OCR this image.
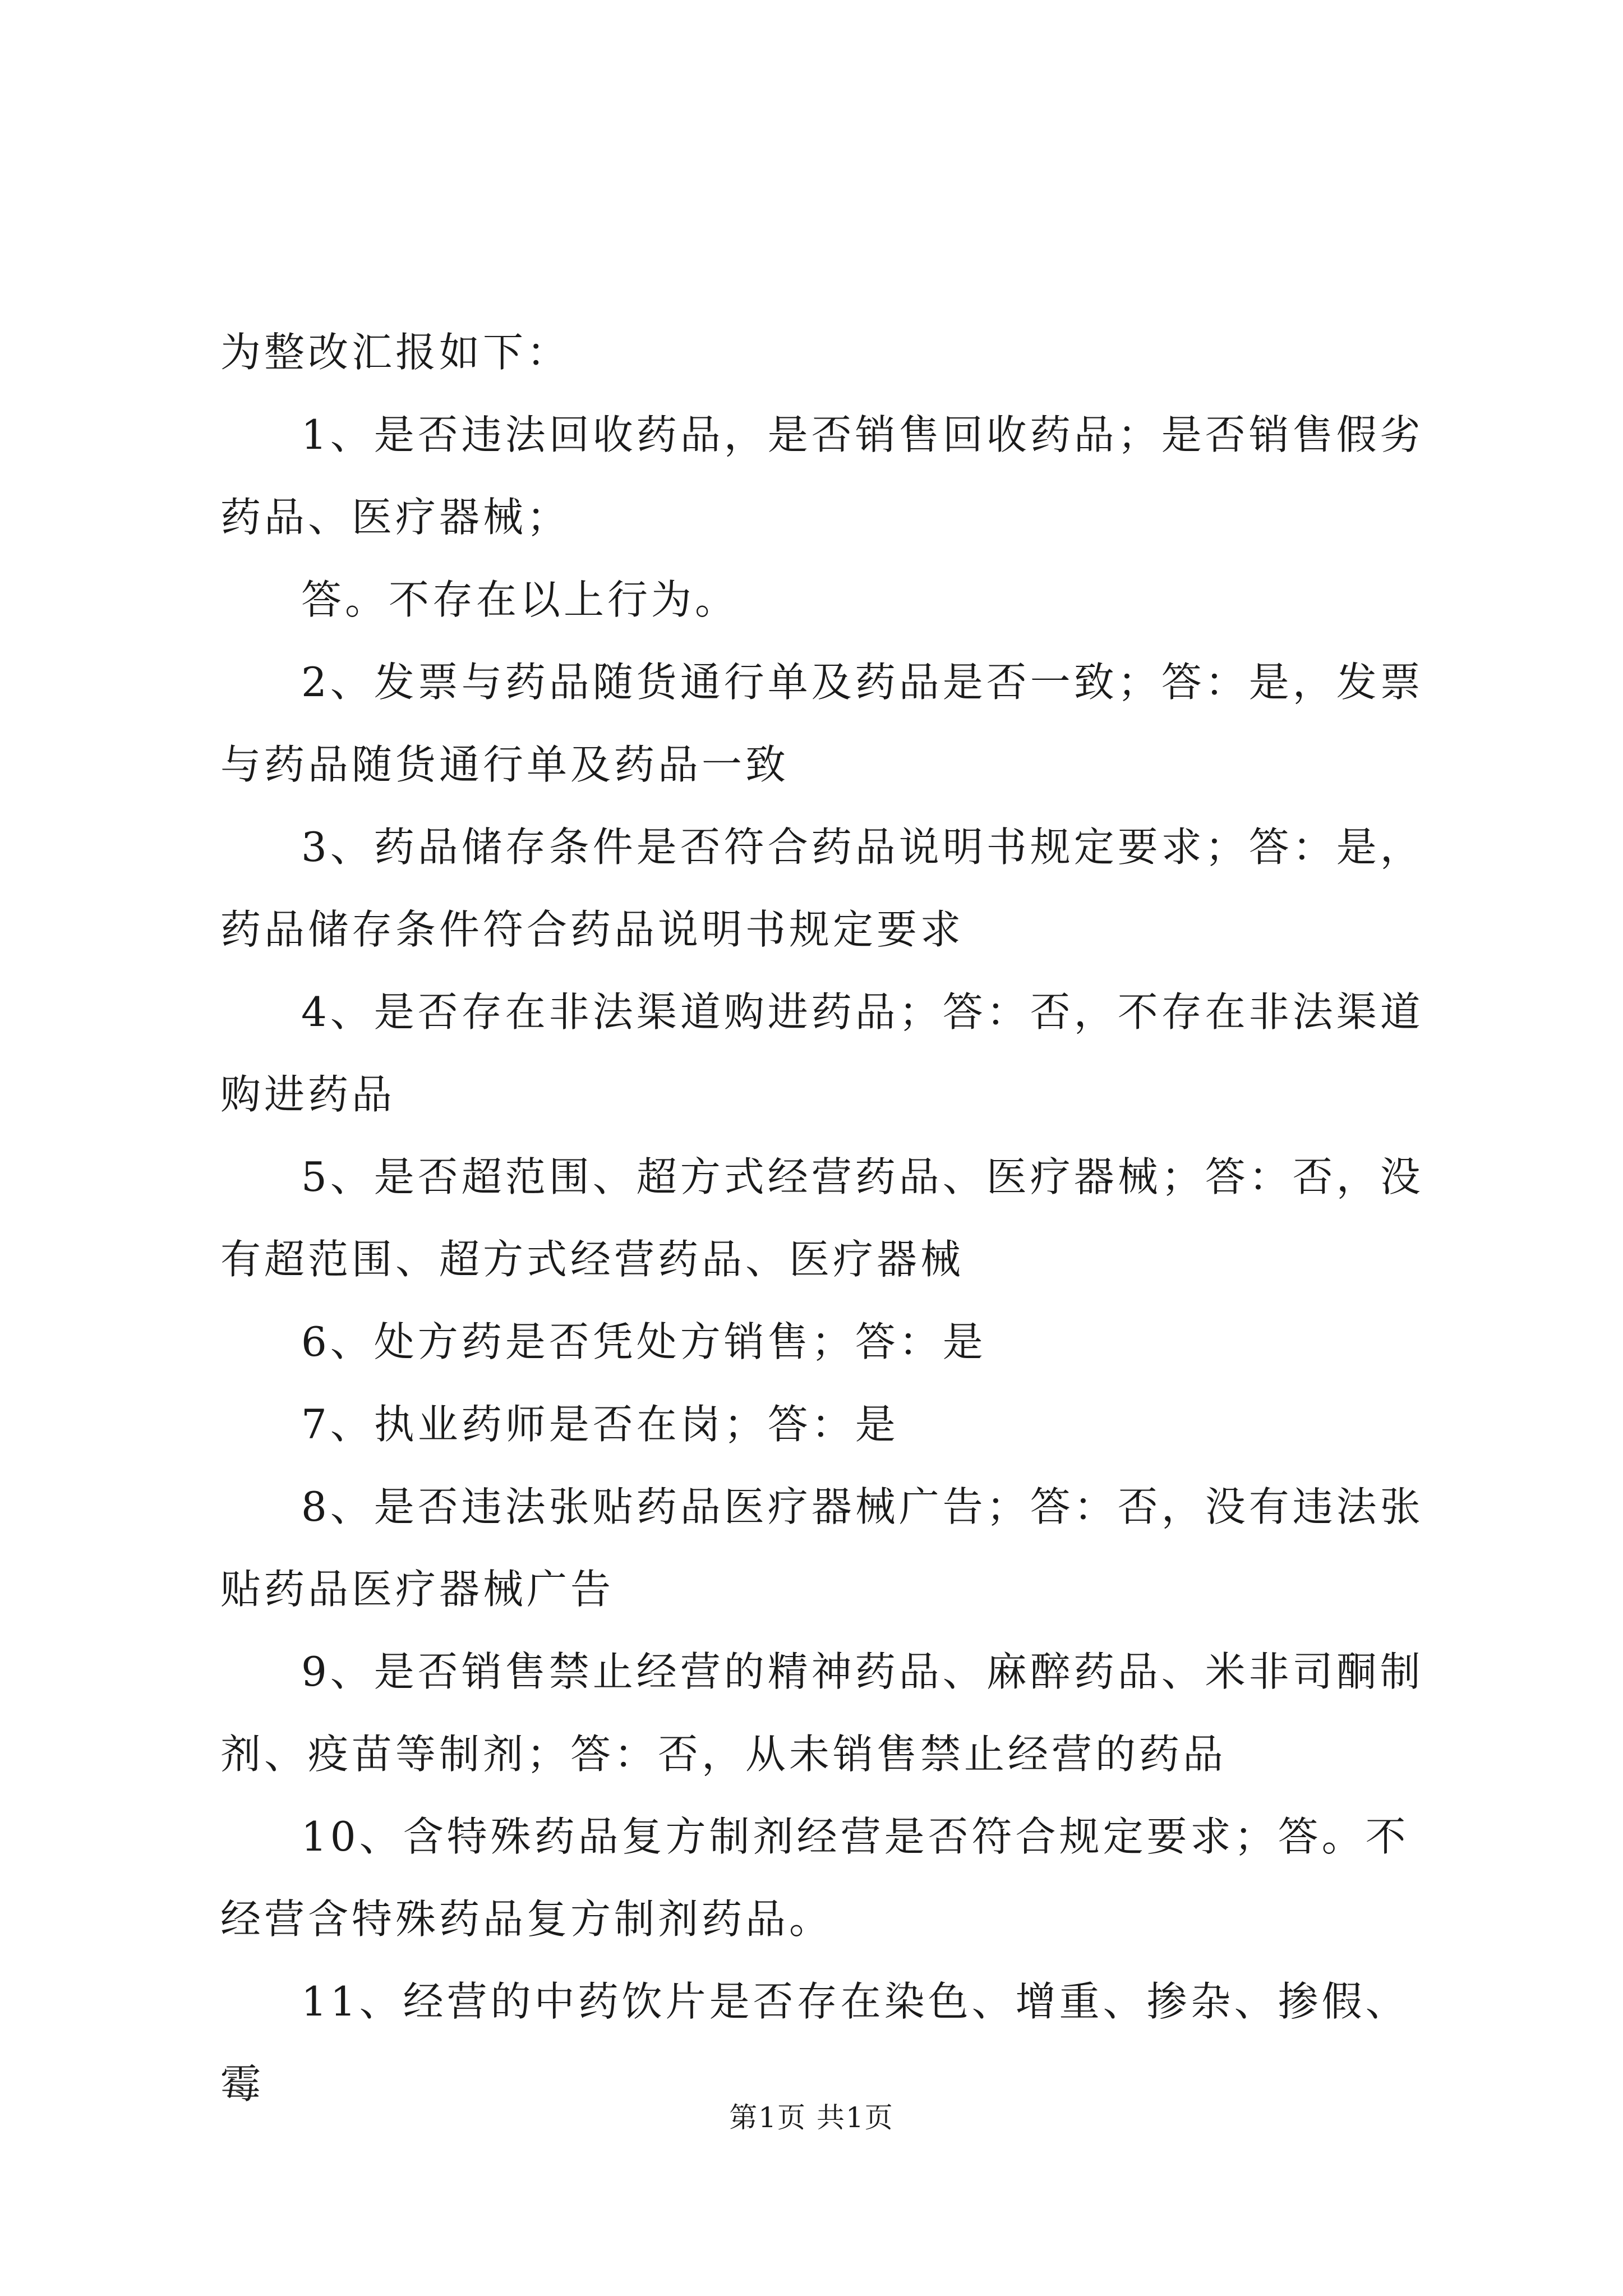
为整改汇报如下：

1、是否违法回收药品，是否销售回收药品；是否销售假劣药品、医疗器械；

答。不存在以上行为。

2、发票与药品随货通行单及药品是否一致；答：是，发票与药品随货通行单及药品一致

3、药品储存条件是否符合药品说明书规定要求；答：是，药品储存条件符合药品说明书规定要求

4、是否存在非法渠道购进药品；答：否，不存在非法渠道购进药品

5、是否超范围、超方式经营药品、医疗器械；答：否，没有超范围、超方式经营药品、医疗器械

6、处方药是否凭处方销售；答：是

7、执业药师是否在岗；答：是

8、是否违法张贴药品医疗器械广告；答：否，没有违法张贴药品医疗器械广告

9、是否销售禁止经营的精神药品、麻醉药品、米非司酮制剂、疫苗等制剂；答：否，从未销售禁止经营的药品

10、含特殊药品复方制剂经营是否符合规定要求；答。不经营含特殊药品复方制剂药品。

11、经营的中药饮片是否存在染色、增重、掺杂、掺假、霉

第1页 共1页
